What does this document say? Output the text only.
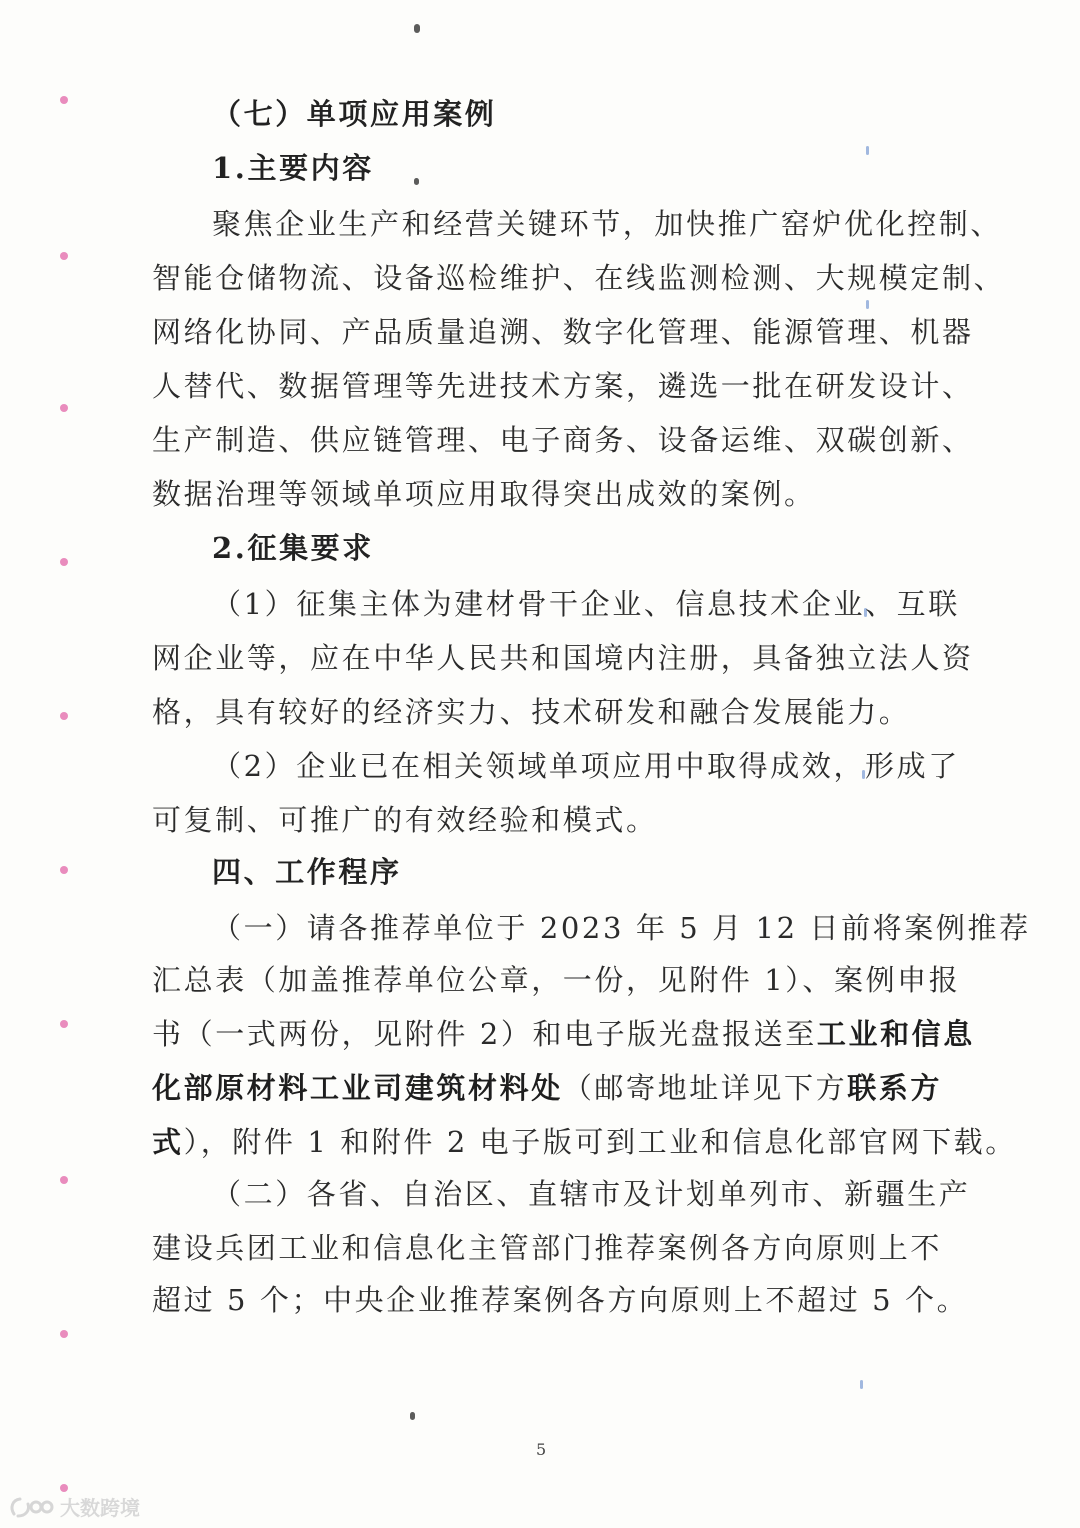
（七）单项应用案例
1.主要内容
聚焦企业生产和经营关键环节，加快推广窑炉优化控制、
智能仓储物流、设备巡检维护、在线监测检测、大规模定制、
网络化协同、产品质量追溯、数字化管理、能源管理、机器
人替代、数据管理等先进技术方案，遴选一批在研发设计、
生产制造、供应链管理、电子商务、设备运维、双碳创新、
数据治理等领域单项应用取得突出成效的案例。
2.征集要求
（1）征集主体为建材骨干企业、信息技术企业、互联
网企业等，应在中华人民共和国境内注册，具备独立法人资
格，具有较好的经济实力、技术研发和融合发展能力。
（2）企业已在相关领域单项应用中取得成效，形成了
可复制、可推广的有效经验和模式。
四、工作程序
（一）请各推荐单位于 2023 年 5 月 12 日前将案例推荐
汇总表（加盖推荐单位公章，一份，见附件 1）、案例申报
书（一式两份，见附件 2）和电子版光盘报送至工业和信息
化部原材料工业司建筑材料处（邮寄地址详见下方联系方
式），附件 1 和附件 2 电子版可到工业和信息化部官网下载。
（二）各省、自治区、直辖市及计划单列市、新疆生产
建设兵团工业和信息化主管部门推荐案例各方向原则上不
超过 5 个；中央企业推荐案例各方向原则上不超过 5 个。
5
大数跨境
